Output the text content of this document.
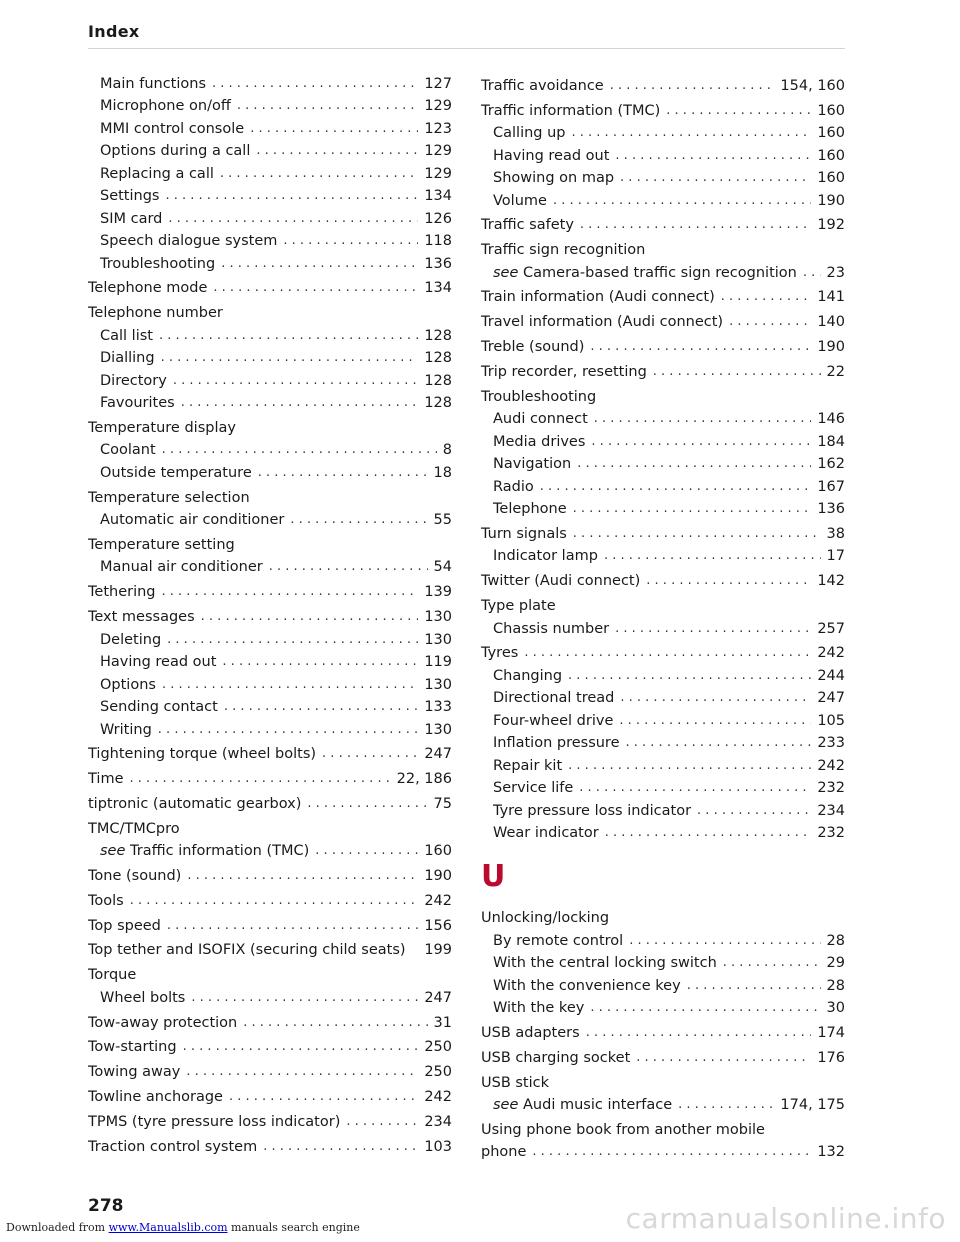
Index
Main functions . . .	127
Microphone on/off . . .	129
MMI control console . . .	123
Options during a call . . .	129
Replacing a call . . .	129
Settings . . .	134
SIM card . . .	126
Speech dialogue system . . .	118
Troubleshooting . . .	136
Telephone mode . . .	134
Telephone number
Call list . . .	128
Dialling . . .	128
Directory . . .	128
Favourites . . .	128
Temperature display
Coolant . . .	8
Outside temperature . . .	18
Temperature selection
Automatic air conditioner . . .	55
Temperature setting
Manual air conditioner . . .	54
Tethering . . .	139
Text messages . . .	130
Deleting . . .	130
Having read out . . .	119
Options . . .	130
Sending contact . . .	133
Writing . . .	130
Tightening torque (wheel bolts) . . .	247
Time . . .	22, 186
tiptronic (automatic gearbox) . . .	75
TMC/TMCpro
see Traffic information (TMC) . . .	160
Tone (sound) . . .	190
Tools . . .	242
Top speed . . .	156
Top tether and ISOFIX (securing child seats) 199
Torque
Wheel bolts . . .	247
Tow-away protection . . .	31
Tow-starting . . .	250
Towing away . . .	250
Towline anchorage . . .	242
TPMS (tyre pressure loss indicator) . . .	234
Traction control system . . .	103
Traffic avoidance . . .	154, 160
Traffic information (TMC) . . .	160
Calling up . . .	160
Having read out . . .	160
Showing on map . . .	160
Volume . . .	190
Traffic safety . . .	192
Traffic sign recognition
see Camera-based traffic sign recognition . . . 23
Train information (Audi connect) . . .	141
Travel information (Audi connect) . . .	140
Treble (sound) . . .	190
Trip recorder, resetting . . .	22
Troubleshooting
Audi connect . . .	146
Media drives . . .	184
Navigation . . .	162
Radio . . .	167
Telephone . . .	136
Turn signals . . .	38
Indicator lamp . . .	17
Twitter (Audi connect) . . .	142
Type plate
Chassis number . . .	257
Tyres . . .	242
Changing . . .	244
Directional tread . . .	247
Four-wheel drive . . .	105
Inflation pressure . . .	233
Repair kit . . .	242
Service life . . .	232
Tyre pressure loss indicator . . .	234
Wear indicator . . .	232
U
Unlocking/locking
By remote control . . .	28
With the central locking switch . . .	29
With the convenience key . . .	28
With the key . . .	30
USB adapters . . .	174
USB charging socket . . .	176
USB stick
see Audi music interface . . .	174, 175
Using phone book from another mobile
phone . . .	132
278
Downloaded from www.Manualslib.com manuals search engine	carmanualsonline.info
